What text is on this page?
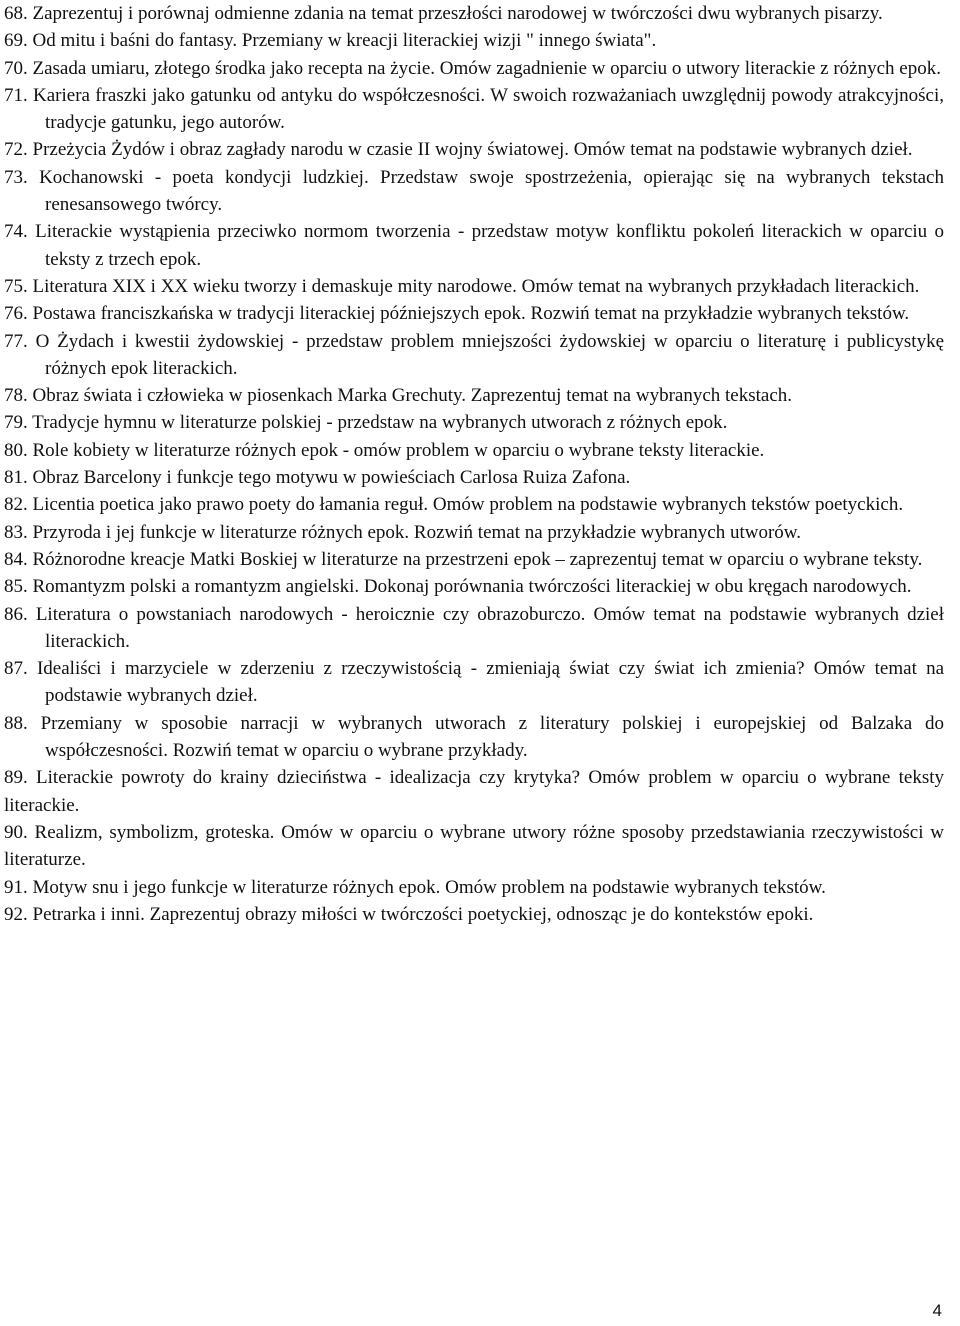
68. Zaprezentuj i porównaj odmienne zdania na temat przeszłości narodowej w twórczości dwu wybranych pisarzy.
69. Od mitu i baśni do fantasy. Przemiany w kreacji literackiej wizji " innego świata".
70. Zasada umiaru, złotego środka jako recepta na życie. Omów zagadnienie w oparciu o utwory literackie z różnych epok.
71. Kariera fraszki jako gatunku od antyku do współczesności. W swoich rozważaniach uwzględnij powody atrakcyjności, tradycje gatunku, jego autorów.
72. Przeżycia Żydów i obraz zagłady narodu w czasie II wojny światowej. Omów temat na podstawie wybranych dzieł.
73. Kochanowski - poeta kondycji ludzkiej. Przedstaw swoje spostrzeżenia, opierając się na wybranych tekstach renesansowego twórcy.
74. Literackie wystąpienia przeciwko normom tworzenia - przedstaw motyw konfliktu pokoleń literackich w oparciu o teksty z trzech epok.
75. Literatura XIX i XX wieku tworzy i demaskuje mity narodowe. Omów temat na wybranych przykładach literackich.
76. Postawa franciszkańska w tradycji literackiej późniejszych epok. Rozwiń temat na przykładzie wybranych tekstów.
77. O Żydach i kwestii żydowskiej - przedstaw problem mniejszości żydowskiej w oparciu o literaturę i publicystykę różnych epok literackich.
78. Obraz świata i człowieka w piosenkach Marka Grechuty. Zaprezentuj temat na wybranych tekstach.
79. Tradycje hymnu w literaturze polskiej - przedstaw na wybranych utworach z różnych epok.
80. Role kobiety w literaturze różnych epok - omów problem w oparciu o wybrane teksty literackie.
81. Obraz Barcelony i funkcje tego motywu w powieściach Carlosa Ruiza Zafona.
82. Licentia poetica jako prawo poety do łamania reguł. Omów problem na podstawie wybranych tekstów poetyckich.
83. Przyroda i jej funkcje w literaturze różnych epok. Rozwiń temat na przykładzie wybranych utworów.
84. Różnorodne kreacje Matki Boskiej w literaturze na przestrzeni epok – zaprezentuj temat w oparciu o wybrane teksty.
85. Romantyzm polski a romantyzm angielski. Dokonaj porównania twórczości literackiej w obu kręgach narodowych.
86. Literatura o powstaniach narodowych - heroicznie czy obrazoburczo. Omów temat na podstawie wybranych dzieł literackich.
87. Idealiści i marzyciele w zderzeniu z rzeczywistością - zmieniają świat czy świat ich zmienia? Omów temat na podstawie wybranych dzieł.
88. Przemiany w sposobie narracji w wybranych utworach z literatury polskiej i europejskiej od Balzaka do współczesności. Rozwiń temat w oparciu o wybrane przykłady.
89. Literackie powroty do krainy dzieciństwa - idealizacja czy krytyka? Omów problem w oparciu o wybrane teksty literackie.
90. Realizm, symbolizm, groteska. Omów w oparciu o wybrane utwory różne sposoby przedstawiania rzeczywistości w literaturze.
91. Motyw snu i jego funkcje w literaturze różnych epok. Omów problem na podstawie wybranych tekstów.
92. Petrarka i inni. Zaprezentuj obrazy miłości w twórczości poetyckiej, odnosząc je do kontekstów epoki.
4
